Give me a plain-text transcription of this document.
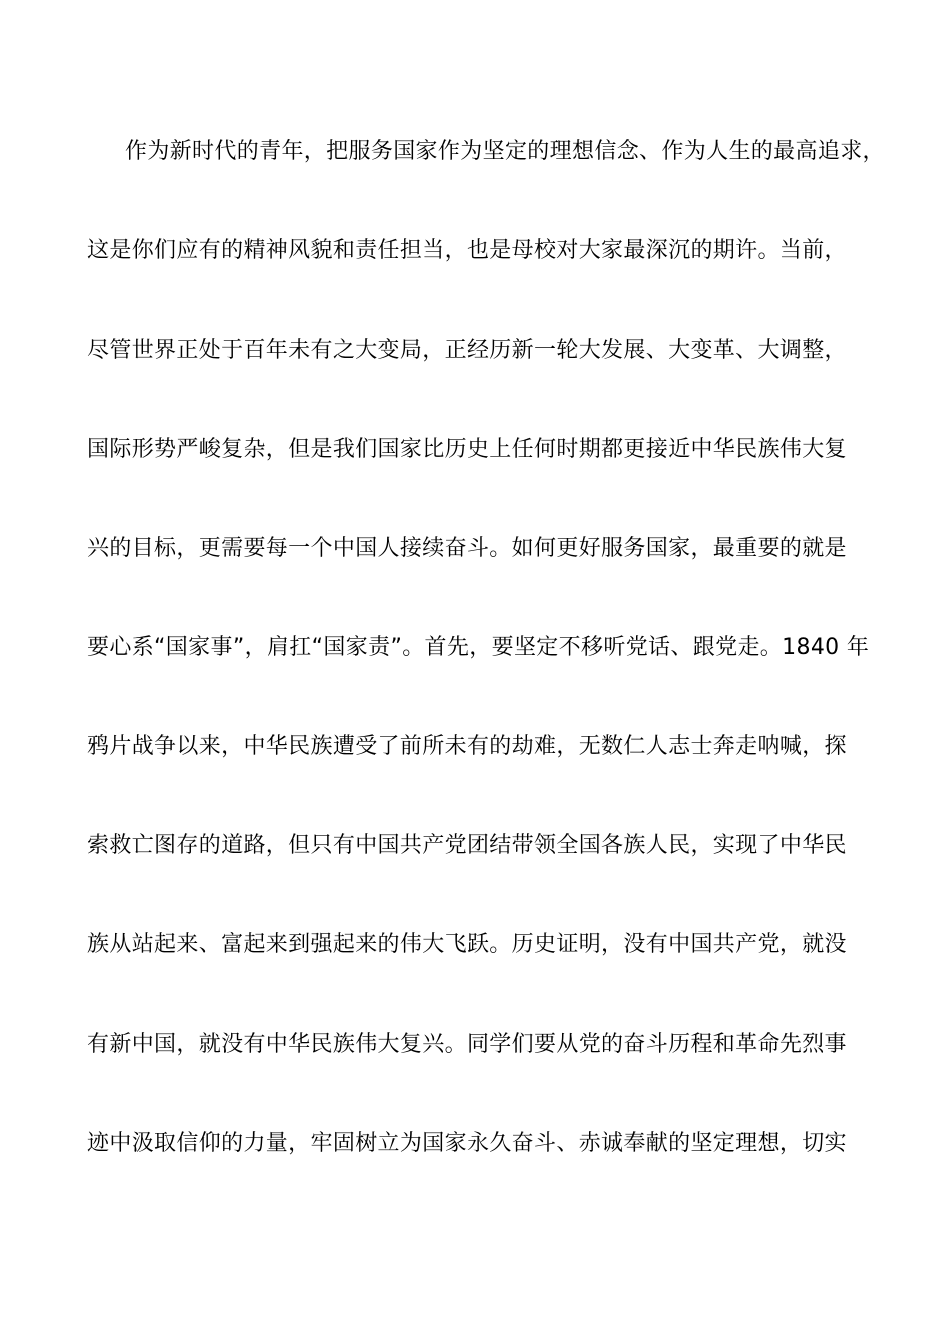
作为新时代的青年，把服务国家作为坚定的理想信念、作为人生的最高追求，
这是你们应有的精神风貌和责任担当，也是母校对大家最深沉的期许。当前，
尽管世界正处于百年未有之大变局，正经历新一轮大发展、大变革、大调整，
国际形势严峻复杂，但是我们国家比历史上任何时期都更接近中华民族伟大复
兴的目标，更需要每一个中国人接续奋斗。如何更好服务国家，最重要的就是
要心系“国家事”，肩扛“国家责”。首先，要坚定不移听党话、跟党走。1840 年
鸦片战争以来，中华民族遭受了前所未有的劫难，无数仁人志士奔走呐喊，探
索救亡图存的道路，但只有中国共产党团结带领全国各族人民，实现了中华民
族从站起来、富起来到强起来的伟大飞跃。历史证明，没有中国共产党，就没
有新中国，就没有中华民族伟大复兴。同学们要从党的奋斗历程和革命先烈事
迹中汲取信仰的力量，牢固树立为国家永久奋斗、赤诚奉献的坚定理想，切实
